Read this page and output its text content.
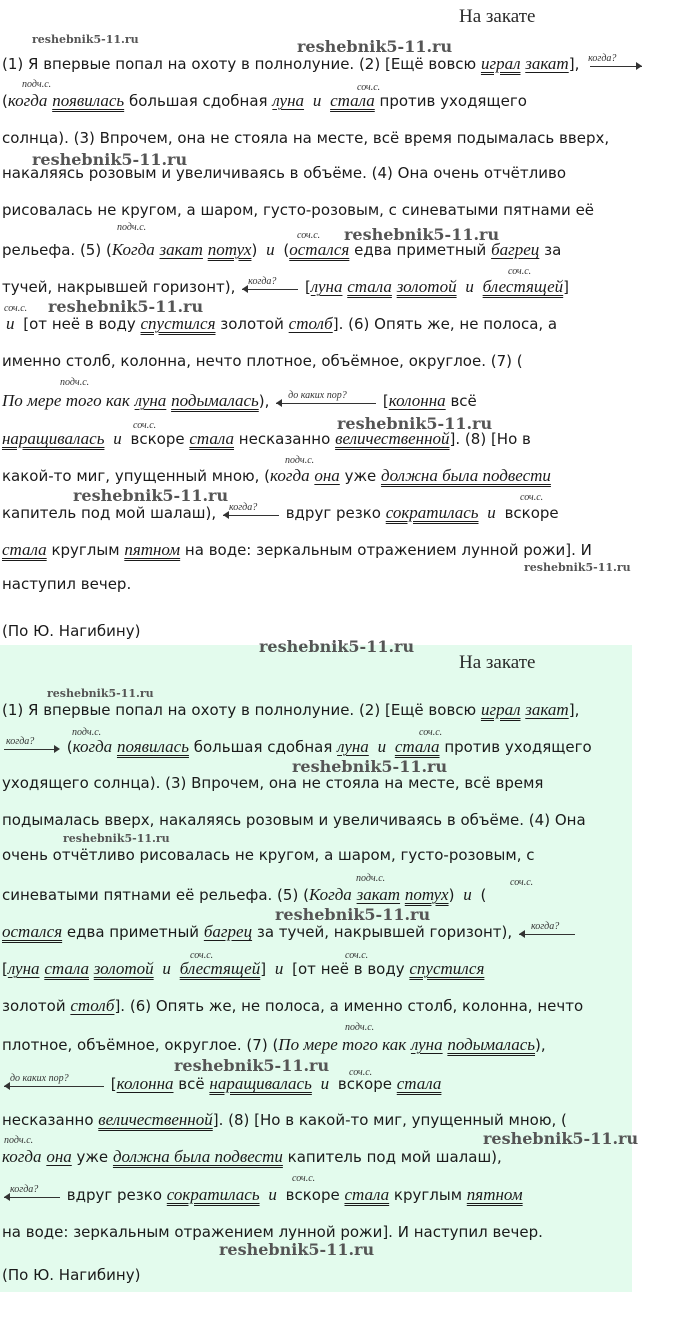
На закате
reshebnik5-11.ru	reshebnik5-11.ru
(1) Я впервые попал на охоту в полнолуние. (2) [Ещё вовсю играл закат], когда?
подч.с.	соч.с.
(когда появилась большая сдобная луна и стала против уходящего
солнца). (3) Впрочем, она не стояла на месте, всё время подымалась вверх,
reshebnik5-11.ru
накаляясь розовым и увеличиваясь в объёме. (4) Она очень отчётливо
рисовалась не кругом, а шаром, густо-розовым, с синеватыми пятнами её
подч.с.
соч.с. reshebnik5-11.ru
рельефа. (5) (Когда закат потух) и (остался едва приметный багрец за
соч.с.
тучей, накрывшей горизонт), когда? [луна стала золотой и блестящей]
соч.с. reshebnik5-11.ru
и [от неё в воду спустился золотой столб]. (6) Опять же, не полоса, а
именно столб, колонна, нечто плотное, объёмное, округлое. (7) (
подч.с.
По мере того как луна подымалась), до каких пор? [колонна всё
reshebnik5-11.ru
соч.с.
наращивалась и вскоре стала несказанно величественной]. (8) [Но в
подч.с.
какой-то миг, упущенный мною, (когда она уже должна была подвести
reshebnik5-11.ru	соч.с.
капитель под мой шалаш), когда? вдруг резко сократилась и вскоре
стала круглым пятном на воде: зеркальным отражением лунной рожи]. И
reshebnik5-11.ru
наступил вечер.
(По Ю. Нагибину)
reshebnik5-11.ru
На закате
reshebnik5-11.ru
(1) Я впервые попал на охоту в полнолуние. (2) [Ещё вовсю играл закат],
подч.с.	соч.с.
когда? (когда появилась большая сдобная луна и стала против уходящего
reshebnik5-11.ru
уходящего солнца). (3) Впрочем, она не стояла на месте, всё время
подымалась вверх, накаляясь розовым и увеличиваясь в объёме. (4) Она
reshebnik5-11.ru
очень отчётливо рисовалась не кругом, а шаром, густо-розовым, с
подч.с.	соч.с.
синеватыми пятнами её рельефа. (5) (Когда закат потух) и (
reshebnik5-11.ru
остался едва приметный багрец за тучей, накрывшей горизонт), когда?
соч.с.	соч.с.
[луна стала золотой и блестящей] и [от неё в воду спустился
золотой столб]. (6) Опять же, не полоса, а именно столб, колонна, нечто
подч.с.
плотное, объёмное, округлое. (7) (По мере того как луна подымалась),
reshebnik5-11.ru соч.с.
до каких пор?	[колонна всё наращивалась и вскоре стала
несказанно величественной]. (8) [Но в какой-то миг, упущенный мною, (
reshebnik5-11.ru
подч.с.
когда она уже должна была подвести капитель под мой шалаш),
соч.с.
когда? вдруг резко сократилась и вскоре стала круглым пятном
на воде: зеркальным отражением лунной рожи]. И наступил вечер.
reshebnik5-11.ru
(По Ю. Нагибину)
